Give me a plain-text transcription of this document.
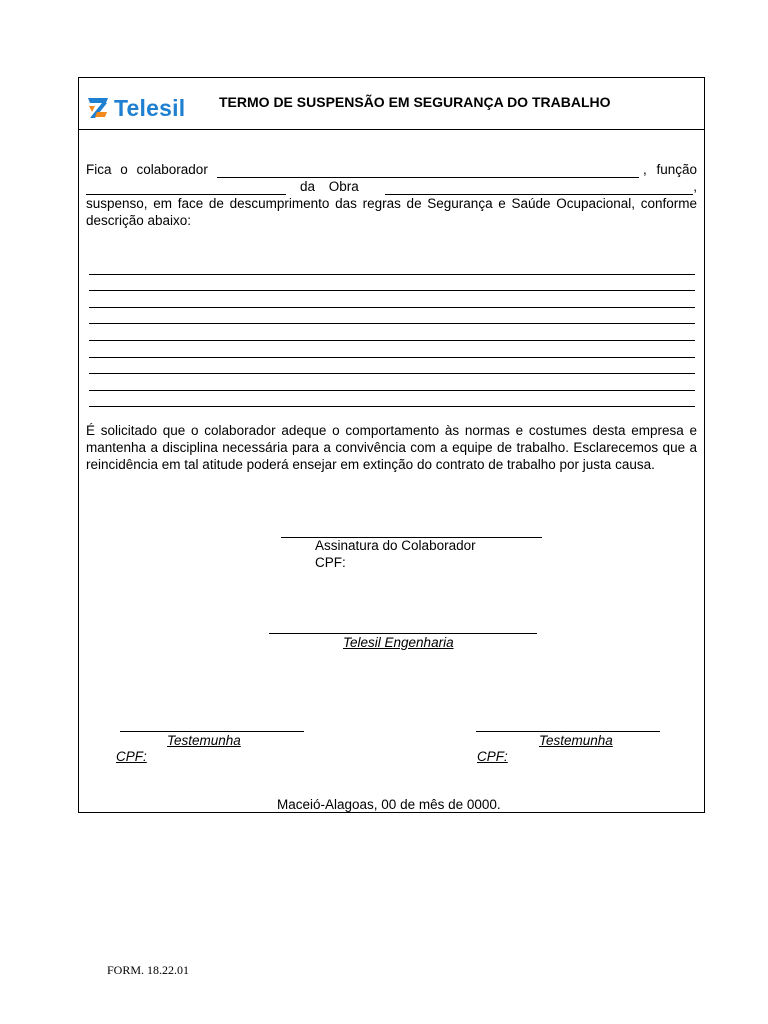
Telesil TERMO DE SUSPENSÃO EM SEGURANÇA DO TRABALHO
Fica o colaborador	, função
da Obra	,
suspenso, em face de descumprimento das regras de Segurança e Saúde Ocupacional, conforme descrição abaixo:
É solicitado que o colaborador adeque o comportamento às normas e costumes desta empresa e mantenha a disciplina necessária para a convivência com a equipe de trabalho. Esclarecemos que a reincidência em tal atitude poderá ensejar em extinção do contrato de trabalho por justa causa.
Assinatura do Colaborador
CPF:
Telesil Engenharia
Testemunha
CPF:
Testemunha
CPF:
Maceió-Alagoas, 00 de mês de 0000.
FORM. 18.22.01
